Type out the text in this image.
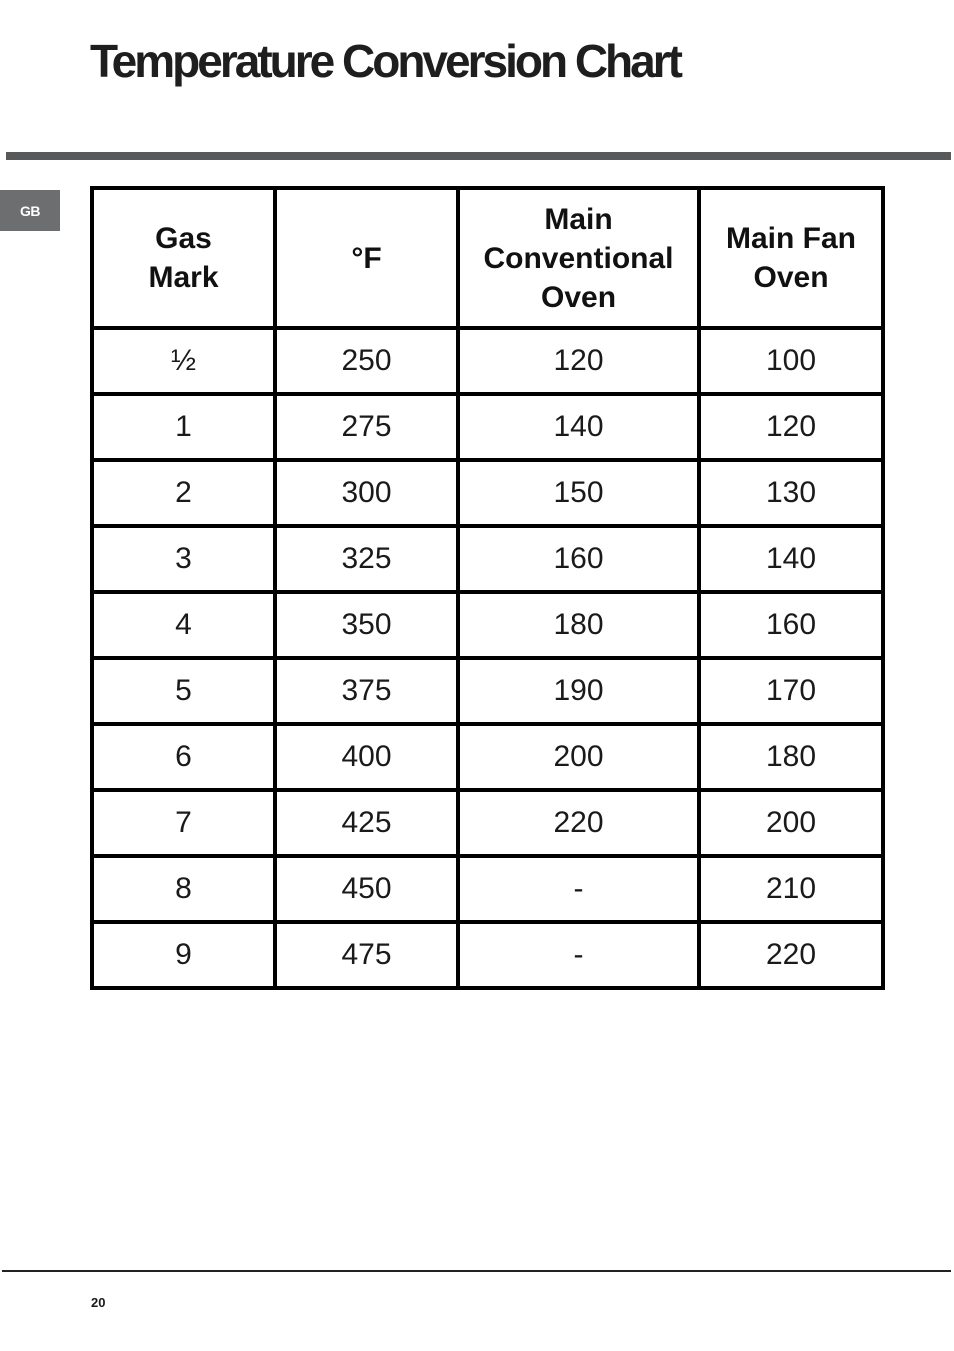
Temperature Conversion Chart
GB
Gas Mark	°F	Main Conventional Oven	Main Fan Oven
½	250	120	100
1	275	140	120
2	300	150	130
3	325	160	140
4	350	180	160
5	375	190	170
6	400	200	180
7	425	220	200
8	450	-	210
9	475	-	220
20
